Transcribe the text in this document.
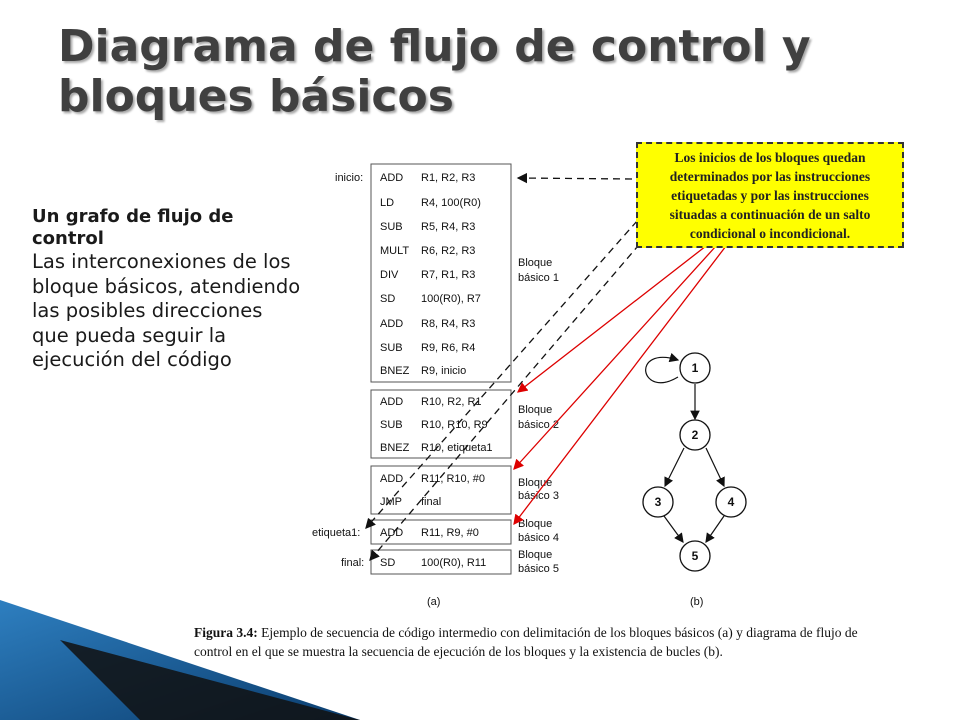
Diagrama de flujo de control y bloques básicos
Un grafo de flujo de control
Las interconexiones de los bloque básicos, atendiendo las posibles direcciones que pueda seguir la ejecución del código
ADD R1, R2, R3
LD R4, 100(R0)
SUB R5, R4, R3
MULT R6, R2, R3
DIV R7, R1, R3
SD 100(R0), R7
ADD R8, R4, R3
SUB R9, R6, R4
BNEZ R9, inicio
ADD R10, R2, R1
SUB R10, R10, R9
BNEZ R10, etiqueta1
ADD R11, R10, #0
JMP final
ADD R11, R9, #0
SD 100(R0), R11
inicio:
etiqueta1:
final:
Bloque
básico 1
Bloque
básico 2
Bloque
básico 3
Bloque
básico 4
Bloque
básico 5
(a)	(b)
1
2
3	4
5
Los inicios de los bloques quedan determinados por las instrucciones etiquetadas y por las instrucciones situadas a continuación de un salto condicional o incondicional.
Figura 3.4: Ejemplo de secuencia de código intermedio con delimitación de los bloques básicos (a) y diagrama de flujo de control en el que se muestra la secuencia de ejecución de los bloques y la existencia de bucles (b).
